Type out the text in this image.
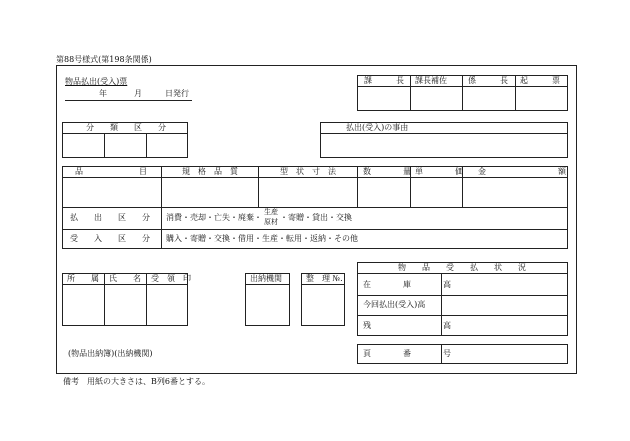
第88号様式(第198条関係)
物品払出(受入)票
年	月	日発行
課　　　長 課長補佐	係　　　長 起　　　票
分　　類　　区　　分	払出(受入)の事由
品　　　　　　　目	規　格　品　質	型　状　寸　法	数　　　　量 単　　　　価 金　　　　　　　　　額
払　　出　　区　　分 消費・売却・亡失・廃棄・
生産
原材 ・寄贈・貸出・交換
受　　入　　区　　分 購入・寄贈・交換・借用・生産・転用・返納・その他
所　　属 氏　　名 受　領　印	出納機関	整　理 №.
物　　品　　受　　払　　状　　況
在　　　　庫　　　　高
今回払出(受入)高
残　　　　　　　　　高
頁　　　　番　　　　号
(物品出納簿)(出納機関)
備考　用紙の大きさは、B列6番とする。
